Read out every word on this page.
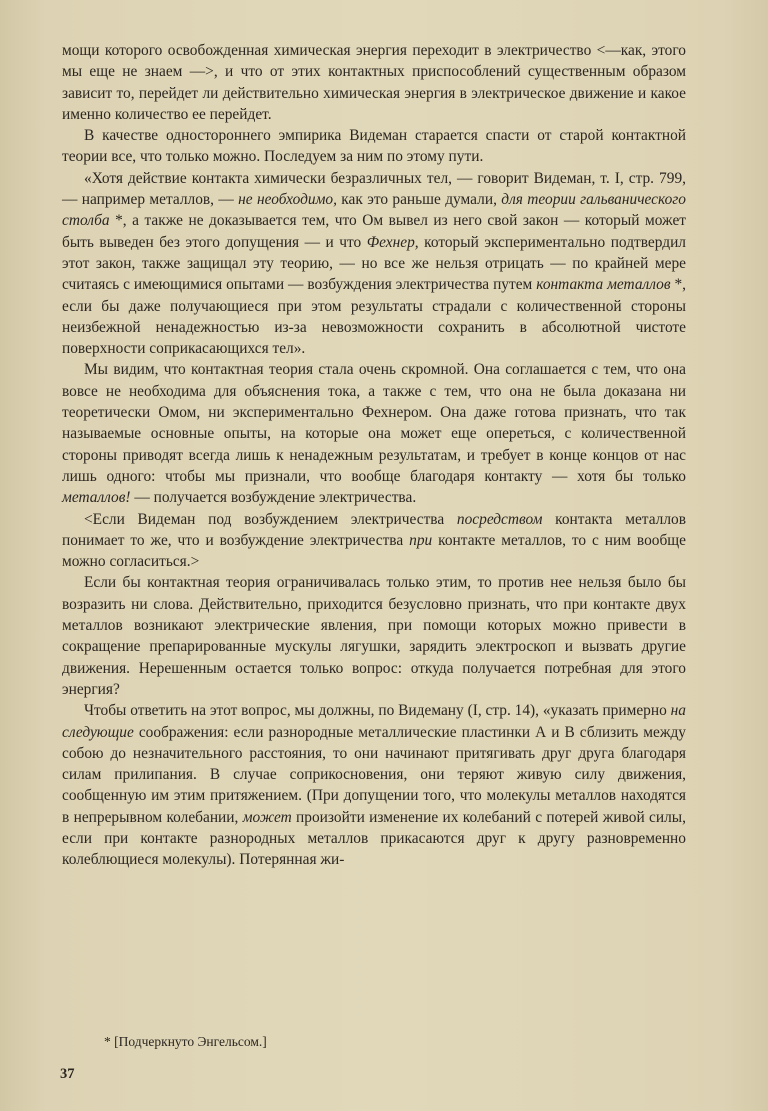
мощи которого освобожденная химическая энергия переходит в электричество <—как, этого мы еще не знаем —>, и что от этих контактных приспособлений существенным образом зависит то, перейдет ли действительно химическая энергия в электрическое движение и какое именно количество ее перейдет.

В качестве одностороннего эмпирика Видеман старается спасти от старой контактной теории все, что только можно. Последуем за ним по этому пути.

«Хотя действие контакта химически безразличных тел, — говорит Видеман, т. I, стр. 799, — например металлов, — не необходимо, как это раньше думали, для теории гальванического столба *, а также не доказывается тем, что Ом вывел из него свой закон — который может быть выведен без этого допущения — и что Фехнер, который экспериментально подтвердил этот закон, также защищал эту теорию, — но все же нельзя отрицать — по крайней мере считаясь с имеющимися опытами — возбуждения электричества путем контакта металлов *, если бы даже получающиеся при этом результаты страдали с количественной стороны неизбежной ненадежностью из-за невозможности сохранить в абсолютной чистоте поверхности соприкасающихся тел».

Мы видим, что контактная теория стала очень скромной. Она соглашается с тем, что она вовсе не необходима для объяснения тока, а также с тем, что она не была доказана ни теоретически Омом, ни экспериментально Фехнером. Она даже готова признать, что так называемые основные опыты, на которые она может еще опереться, с количественной стороны приводят всегда лишь к ненадежным результатам, и требует в конце концов от нас лишь одного: чтобы мы признали, что вообще благодаря контакту — хотя бы только металлов! — получается возбуждение электричества.

<Если Видеман под возбуждением электричества посредством контакта металлов понимает то же, что и возбуждение электричества при контакте металлов, то с ним вообще можно согласиться.>

Если бы контактная теория ограничивалась только этим, то против нее нельзя было бы возразить ни слова. Действительно, приходится безусловно признать, что при контакте двух металлов возникают электрические явления, при помощи которых можно привести в сокращение препарированные мускулы лягушки, зарядить электроскоп и вызвать другие движения. Нерешенным остается только вопрос: откуда получается потребная для этого энергия?

Чтобы ответить на этот вопрос, мы должны, по Видеману (I, стр. 14), «указать примерно на следующие соображения: если разнородные металлические пластинки А и В сблизить между собою до незначительного расстояния, то они начинают притягивать друг друга благодаря силам прилипания. В случае соприкосновения, они теряют живую силу движения, сообщенную им этим притяжением. (При допущении того, что молекулы металлов находятся в непрерывном колебании, может произойти изменение их колебаний с потерей живой силы, если при контакте разнородных металлов прикасаются друг к другу разновременно колеблющиеся молекулы). Потерянная жи-

* [Подчеркнуто Энгельсом.]
37
